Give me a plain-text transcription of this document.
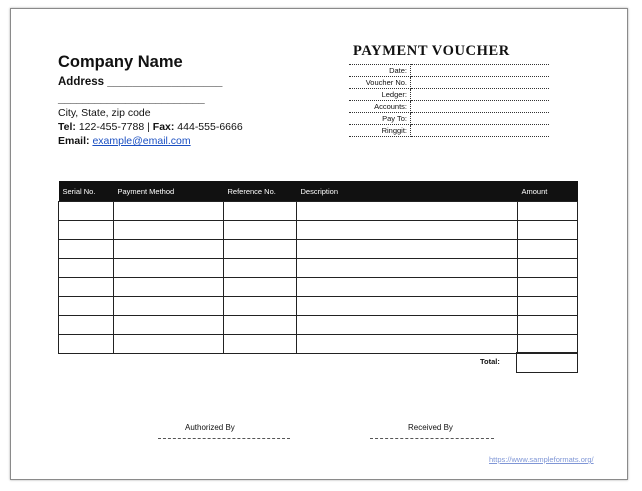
Company Name
Address __________________
________________________
City, State, zip code
Tel: 122-455-7788 | Fax: 444-555-6666
Email: example@email.com
PAYMENT VOUCHER
Date:	
Voucher No.	
Ledger:	
Accounts:	
Pay To:	
Ringgit:	
Serial No.	Payment Method	Reference No.	Description	Amount

Total:
Authorized By	Received By
https://www.sampleformats.org/
